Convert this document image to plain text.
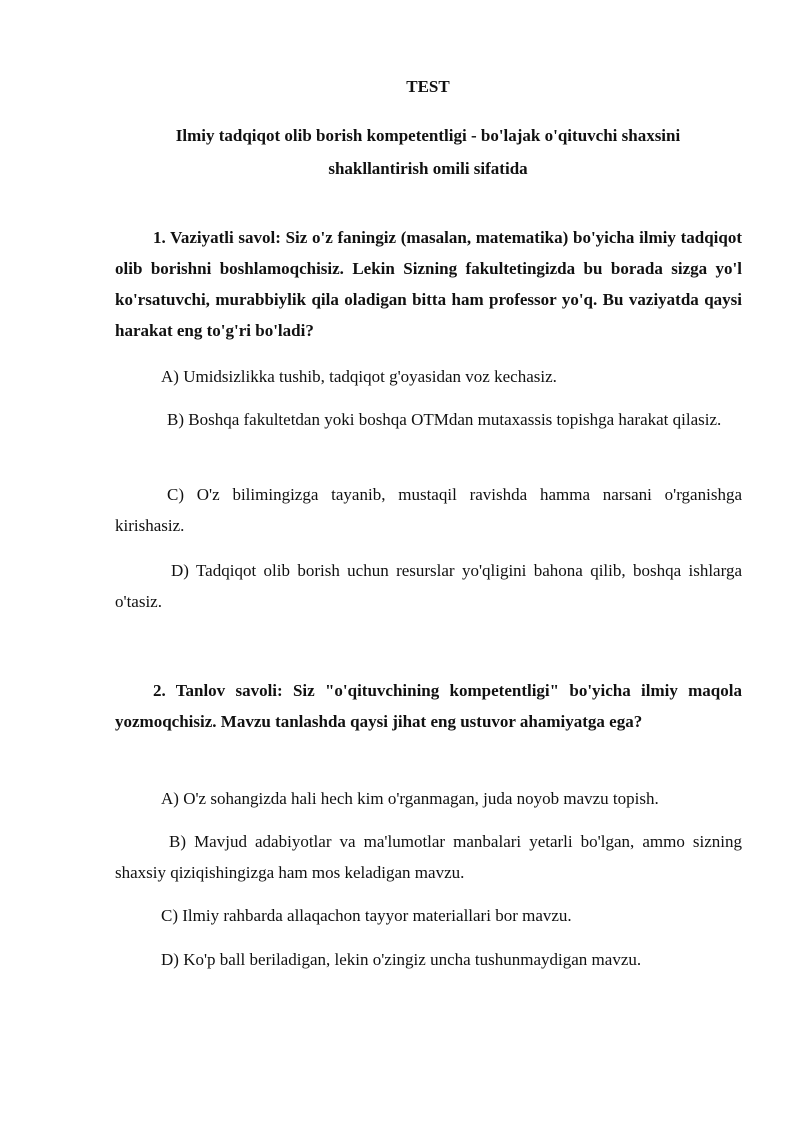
TEST
Ilmiy tadqiqot olib borish kompetentligi - bo'lajak o'qituvchi shaxsini
shakllantirish omili sifatida
1. Vaziyatli savol: Siz o'z faningiz (masalan, matematika) bo'yicha ilmiy tadqiqot olib borishni boshlamoqchisiz. Lekin Sizning fakultetingizda bu borada sizga yo'l ko'rsatuvchi, murabbiylik qila oladigan bitta ham professor yo'q. Bu vaziyatda qaysi harakat eng to'g'ri bo'ladi?
A) Umidsizlikka tushib, tadqiqot g'oyasidan voz kechasiz.
B) Boshqa fakultetdan yoki boshqa OTMdan mutaxassis topishga harakat qilasiz.
C) O'z bilimingizga tayanib, mustaqil ravishda hamma narsani o'rganishga kirishasiz.
D) Tadqiqot olib borish uchun resurslar yo'qligini bahona qilib, boshqa ishlarga o'tasiz.
2. Tanlov savoli: Siz "o'qituvchining kompetentligi" bo'yicha ilmiy maqola yozmoqchisiz. Mavzu tanlashda qaysi jihat eng ustuvor ahamiyatga ega?
A) O'z sohangizda hali hech kim o'rganmagan, juda noyob mavzu topish.
B) Mavjud adabiyotlar va ma'lumotlar manbalari yetarli bo'lgan, ammo sizning shaxsiy qiziqishingizga ham mos keladigan mavzu.
C) Ilmiy rahbarda allaqachon tayyor materiallari bor mavzu.
D) Ko'p ball beriladigan, lekin o'zingiz uncha tushunmaydigan mavzu.
